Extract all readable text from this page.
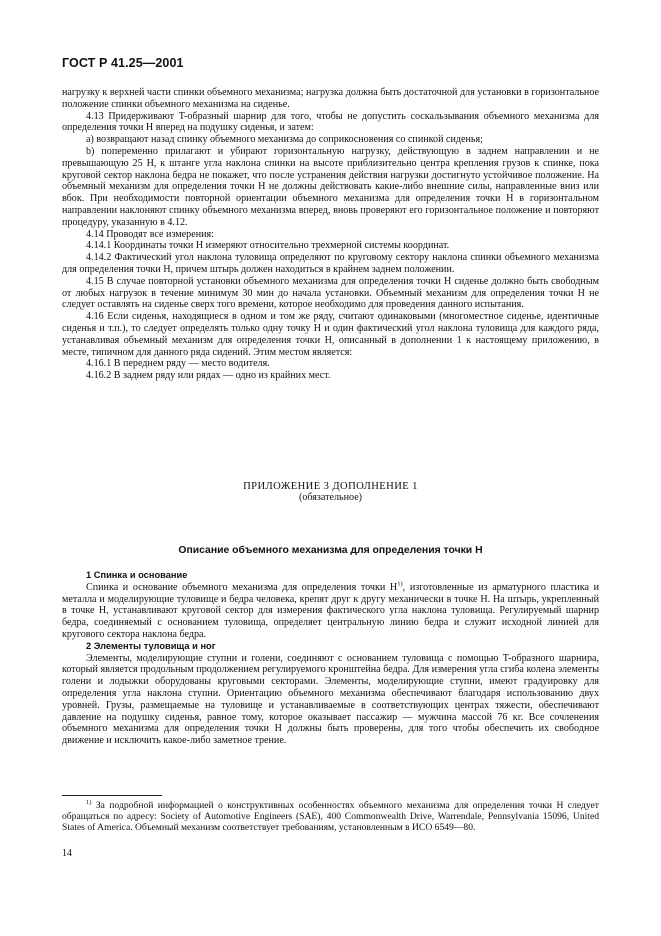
ГОСТ Р 41.25—2001

нагрузку к верхней части спинки объемного механизма; нагрузка должна быть достаточной для установки в горизонтальное положение спинки объемного механизма на сиденье.

4.13 Придерживают T-образный шарнир для того, чтобы не допустить соскальзывания объемного механизма для определения точки H вперед на подушку сиденья, и затем:

а) возвращают назад спинку объемного механизма до соприкосновения со спинкой сиденья;

b) попеременно прилагают и убирают горизонтальную нагрузку, действующую в заднем направлении и не превышающую 25 Н, к штанге угла наклона спинки на высоте приблизительно центра крепления грузов к спинке, пока круговой сектор наклона бедра не покажет, что после устранения действия нагрузки достигнуто устойчивое положение. На объемный механизм для определения точки H не должны действовать какие-либо внешние силы, направленные вниз или вбок. При необходимости повторной ориентации объемного механизма для определения точки H в горизонтальном направлении наклоняют спинку объемного механизма вперед, вновь проверяют его горизонтальное положение и повторяют процедуру, указанную в 4.12.

4.14 Проводят все измерения:

4.14.1 Координаты точки H измеряют относительно трехмерной системы координат.

4.14.2 Фактический угол наклона туловища определяют по круговому сектору наклона спинки объемного механизма для определения точки H, причем штырь должен находиться в крайнем заднем положении.

4.15 В случае повторной установки объемного механизма для определения точки H сиденье должно быть свободным от любых нагрузок в течение минимум 30 мин до начала установки. Объемный механизм для определения точки H не следует оставлять на сиденье сверх того времени, которое необходимо для проведения данного испытания.

4.16 Если сиденья, находящиеся в одном и том же ряду, считают одинаковыми (многоместное сиденье, идентичные сиденья и т.п.), то следует определять только одну точку H и один фактический угол наклона туловища для каждого ряда, устанавливая объемный механизм для определения точки H, описанный в дополнении 1 к настоящему приложению, в месте, типичном для данного ряда сидений. Этим местом является:

4.16.1 В переднем ряду — место водителя.

4.16.2 В заднем ряду или рядах — одно из крайних мест.

ПРИЛОЖЕНИЕ 3 ДОПОЛНЕНИЕ 1
(обязательное)
Описание объемного механизма для определения точки H

1 Спинка и основание

Спинка и основание объемного механизма для определения точки $H^{1)}$, изготовленные из арматурного пластика и металла и моделирующие туловище и бедра человека, крепят друг к другу механически в точке H. На штырь, укрепленный в точке H, устанавливают круговой сектор для измерения фактического угла наклона туловища. Регулируемый шарнир бедра, соединяемый с основанием туловища, определяет центральную линию бедра и служит исходной линией для кругового сектора наклона бедра.

2 Элементы туловища и ног

Элементы, моделирующие ступни и голени, соединяют с основанием туловища с помощью T-образного шарнира, который является продольным продолжением регулируемого кронштейна бедра. Для измерения угла сгиба колена элементы голени и лодыжки оборудованы круговыми секторами. Элементы, моделирующие ступни, имеют градуировку для определения угла наклона ступни. Ориентацию объемного механизма обеспечивают благодаря использованию двух уровней. Грузы, размещаемые на туловище и устанавливаемые в соответствующих центрах тяжести, обеспечивают давление на подушку сиденья, равное тому, которое оказывает пассажир — мужчина массой 76 кг. Все сочленения объемного механизма для определения точки H должны быть проверены, для того чтобы обеспечить их свободное движение и исключить какое-либо заметное трение.

$^{1)}$ За подробной информацией о конструктивных особенностях объемного механизма для определения точки H следует обращаться по адресу: Society of Automotive Engineers (SAE), 400 Commonwealth Drive, Warrendale, Pennsylvania 15096, United States of America. Объемный механизм соответствует требованиям, установленным в ИСО 6549—80.

14
